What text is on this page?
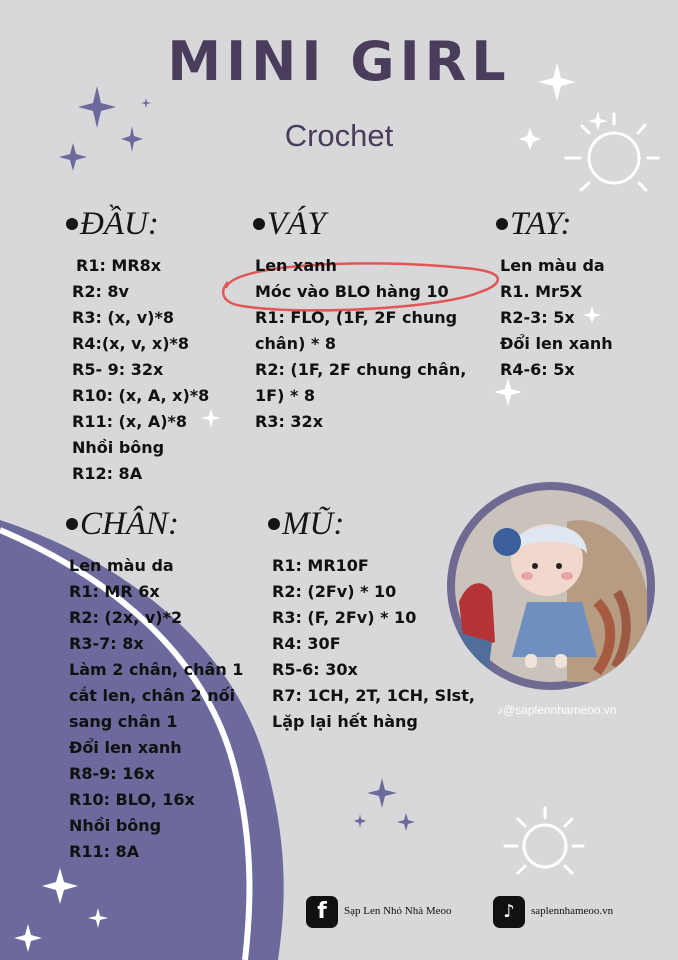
MINI GIRL
Crochet
ĐẦU:
R1: MR8x
R2: 8v
R3: (x, v)*8
R4:(x, v, x)*8
R5- 9: 32x
R10: (x, A, x)*8
R11: (x, A)*8
Nhồi bông
R12: 8A
VÁY
Len xanh
Móc vào BLO hàng 10
R1: FLO, (1F, 2F chung
chân) * 8
R2: (1F, 2F chung chân,
1F) * 8
R3: 32x
TAY:
Len màu da
R1. Mr5X
R2-3: 5x
Đổi len xanh
R4-6: 5x
CHÂN:
Len màu da
R1: MR 6x
R2: (2x, v)*2
R3-7: 8x
Làm 2 chân, chân 1
cắt len, chân 2 nối
sang chân 1
Đổi len xanh
R8-9: 16x
R10: BLO, 16x
Nhồi bông
R11: 8A
MŨ:
R1: MR10F
R2: (2Fv) * 10
R3: (F, 2Fv) * 10
R4: 30F
R5-6: 30x
R7: 1CH, 2T, 1CH, Slst,
Lặp lại hết hàng
♪@saplennhameoo.vn
f	Sạp Len Nhỏ Nhà Meoo	♪	saplennhameoo.vn
